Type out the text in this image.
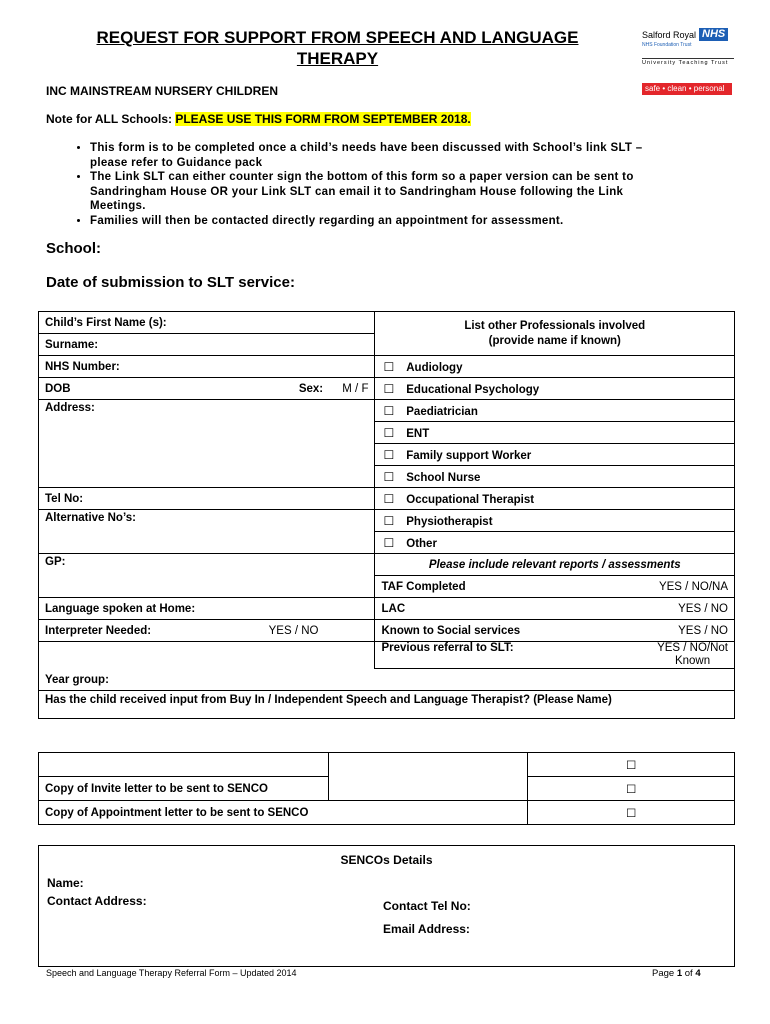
REQUEST FOR SUPPORT FROM SPEECH AND LANGUAGE
THERAPY
Salford Royal NHS
NHS Foundation Trust
University Teaching Trust
safe • clean • personal
INC MAINSTREAM NURSERY CHILDREN
Note for ALL Schools: PLEASE USE THIS FORM FROM SEPTEMBER 2018.
• This form is to be completed once a child’s needs have been discussed with School’s link SLT – please refer to Guidance pack
• The Link SLT can either counter sign the bottom of this form so a paper version can be sent to Sandringham House OR your Link SLT can email it to Sandringham House following the Link Meetings.
• Families will then be contacted directly regarding an appointment for assessment.
School:
Date of submission to SLT service:
Child’s First Name (s):	List other Professionals involved
(provide name if known)

Surname:	
NHS Number:	☐ Audiology
DOB Sex: M / F	☐ Educational Psychology
Address:	☐ Paediatrician
	☐ ENT
	☐ Family support Worker
	☐ School Nurse
Tel No:	☐ Occupational Therapist
Alternative No’s:	☐ Physiotherapist
	☐ Other
GP:	Please include relevant reports / assessments
	TAF Completed YES / NO/NA

Language spoken at Home:	LAC YES / NO

Interpreter Needed: YES / NO	Known to Social services YES / NO

	Previous referral to SLT: YES / NO/Not
Known

Year group:	
Has the child received input from Buy In / Independent Speech and Language Therapist? (Please Name)	
		☐
Copy of Invite letter to be sent to SENCO		☐
Copy of Appointment letter to be sent to SENCO		☐
SENCOs Details
Name:
Contact Address:	Contact Tel No:
Email Address:
Speech and Language Therapy Referral Form – Updated 2014	Page 1 of 4
